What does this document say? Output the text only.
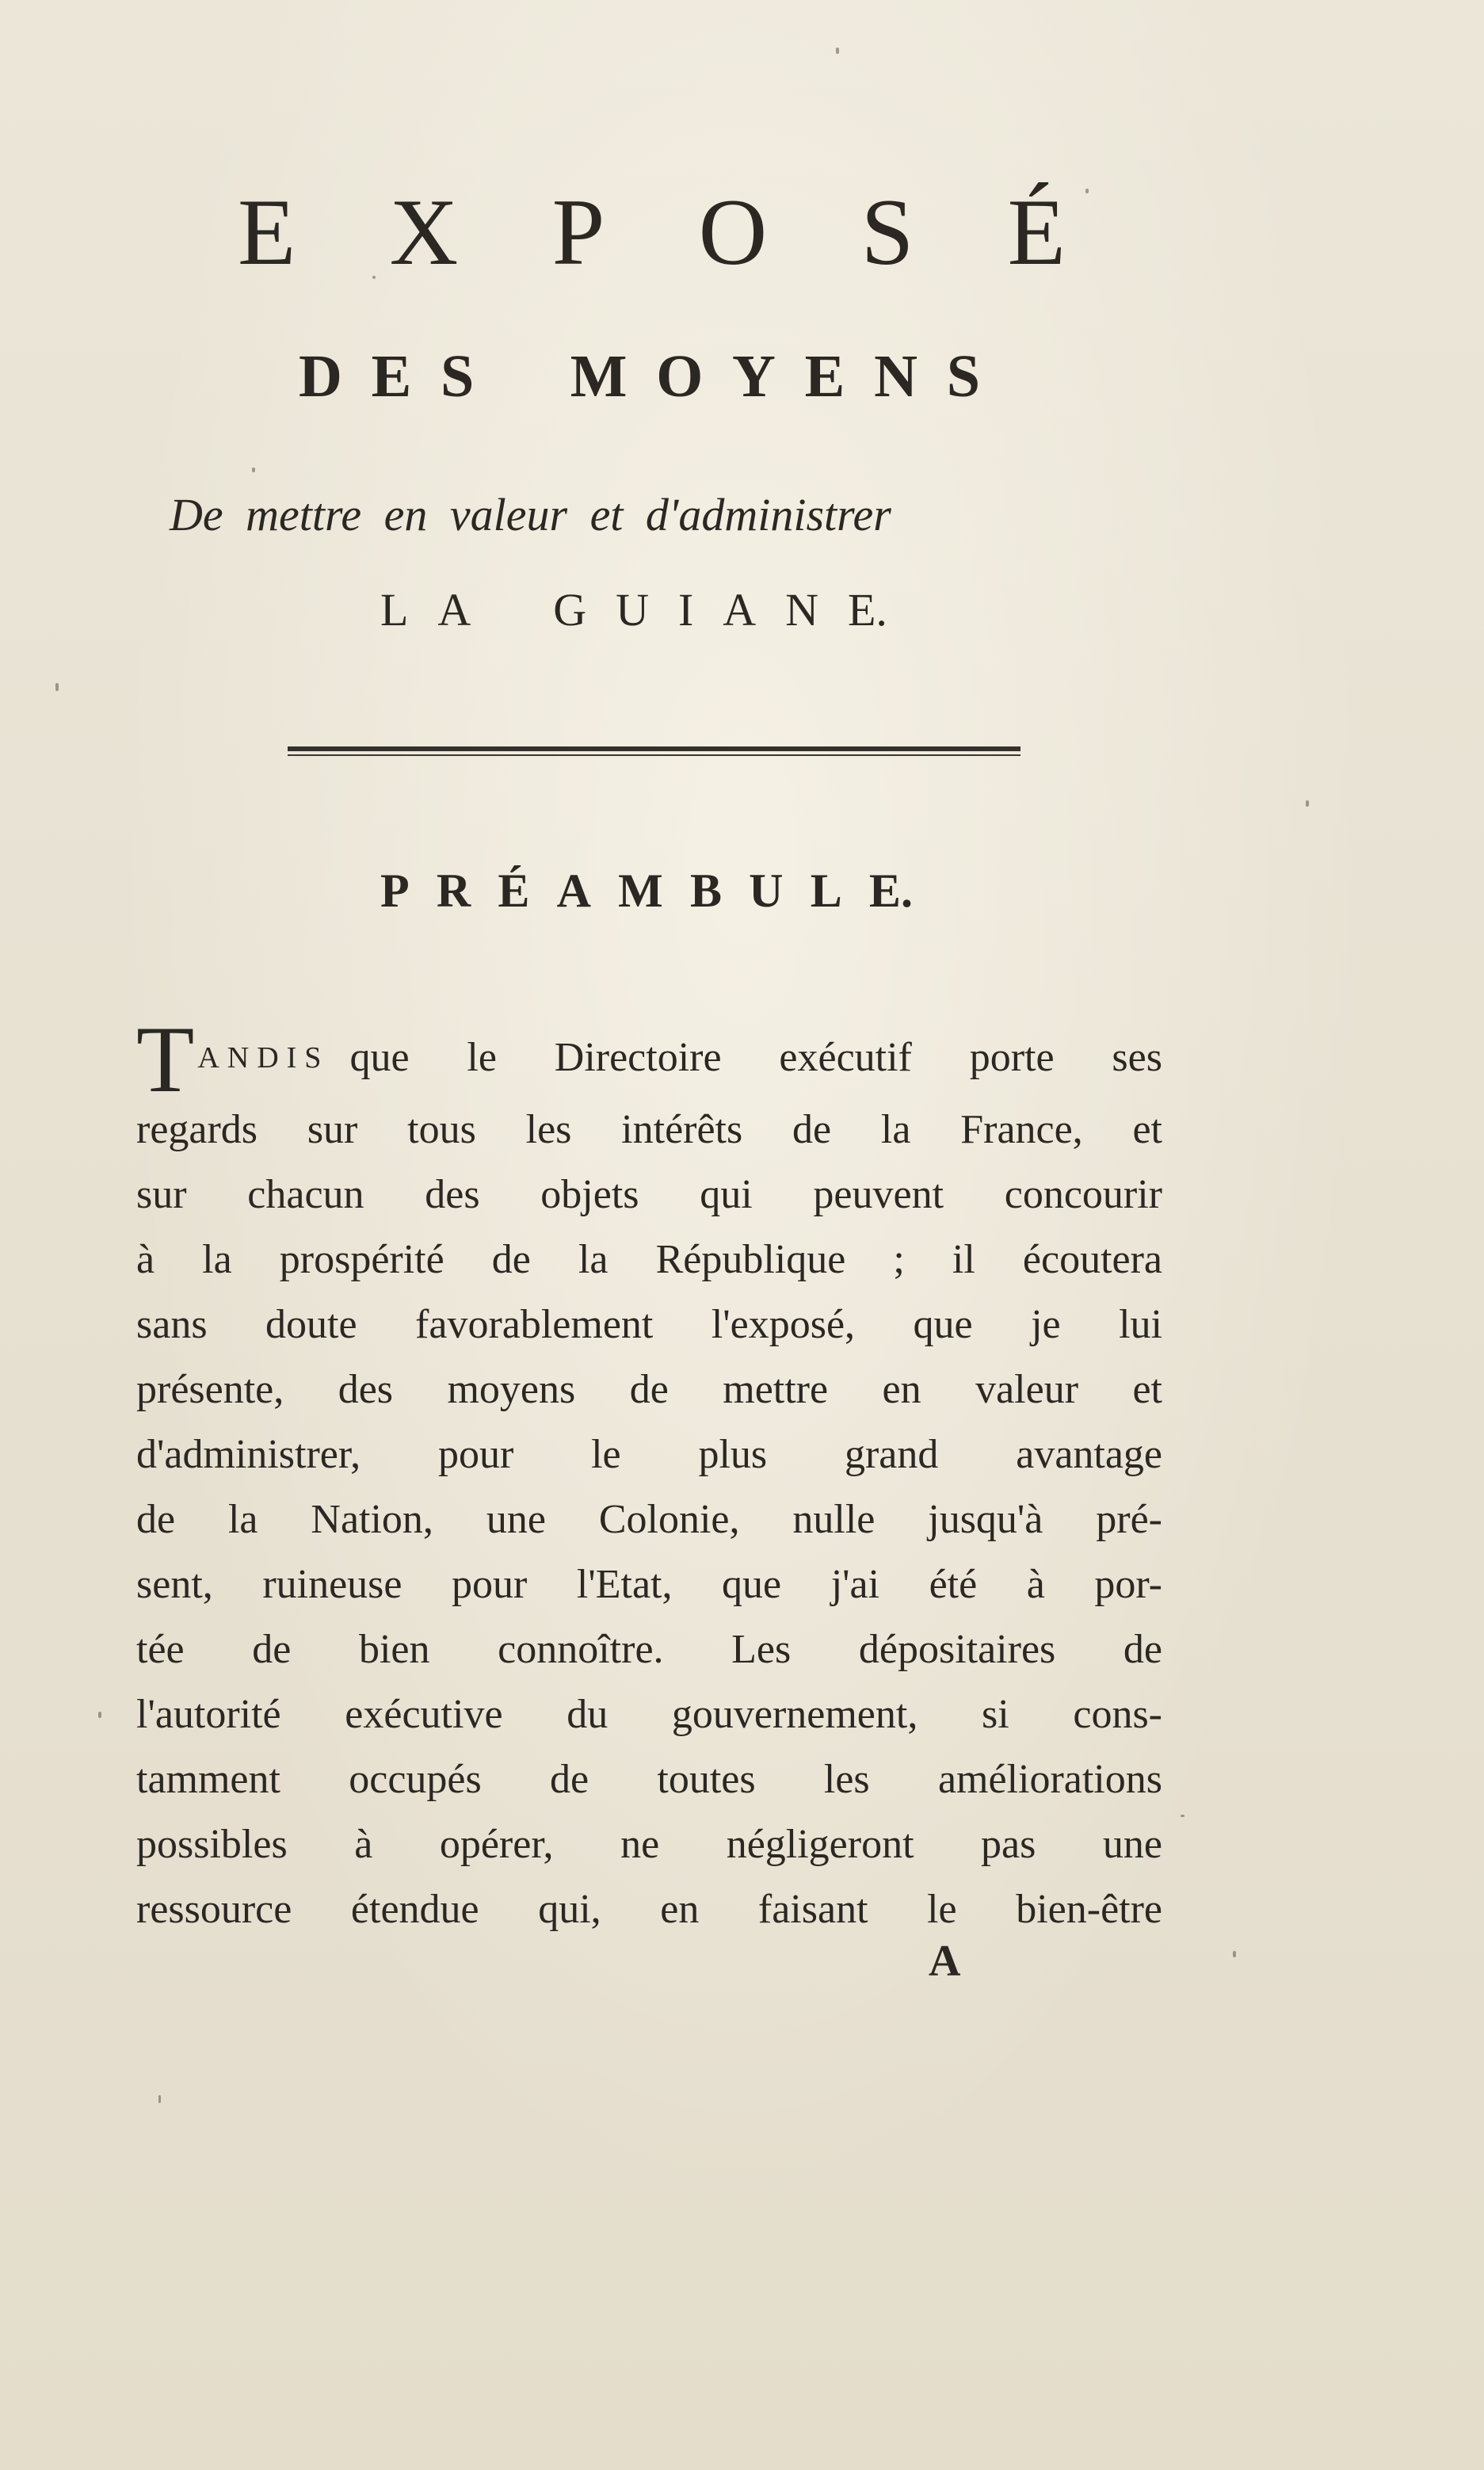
E X P O S É
D E S M O Y E N S

De mettre en valeur et d'administrer

L A G U I A N E.

P R É A M B U L E.
T ANDIS que le Directoire exécutif porte ses
regards sur tous les intérêts de la France, et
sur chacun des objets qui peuvent concourir
à la prospérité de la République ; il écoutera
sans doute favorablement l'exposé, que je lui
présente, des moyens de mettre en valeur et
d'administrer, pour le plus grand avantage
de la Nation, une Colonie, nulle jusqu'à pré-
sent, ruineuse pour l'Etat, que j'ai été à por-
tée de bien connoître. Les dépositaires de
l'autorité exécutive du gouvernement, si cons-
tamment occupés de toutes les améliorations
possibles à opérer, ne négligeront pas une
ressource étendue qui, en faisant le bien-être

A
